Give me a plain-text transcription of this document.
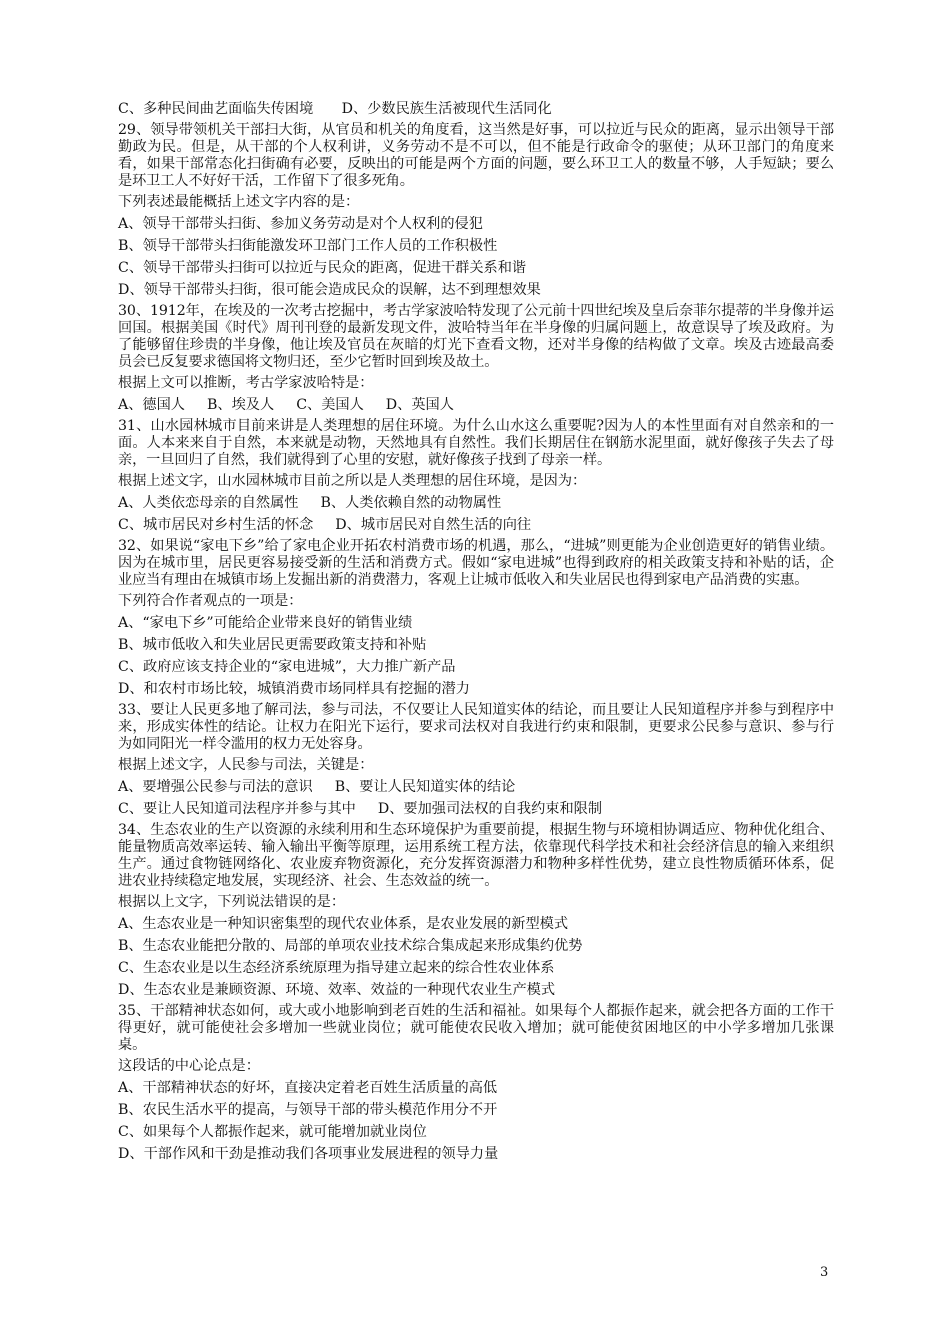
C、多种民间曲艺面临失传困境　　D、少数民族生活被现代生活同化

29、领导带领机关干部扫大街，从官员和机关的角度看，这当然是好事，可以拉近与民众的距离，显示出领导干部勤政为民。但是，从干部的个人权利讲，义务劳动不是不可以，但不能是行政命令的驱使；从环卫部门的角度来看，如果干部常态化扫街确有必要，反映出的可能是两个方面的问题，要么环卫工人的数量不够，人手短缺；要么是环卫工人不好好干活，工作留下了很多死角。

下列表述最能概括上述文字内容的是：
A、领导干部带头扫街、参加义务劳动是对个人权利的侵犯
B、领导干部带头扫街能激发环卫部门工作人员的工作积极性
C、领导干部带头扫街可以拉近与民众的距离，促进干群关系和谐
D、领导干部带头扫街，很可能会造成民众的误解，达不到理想效果

30、1912年，在埃及的一次考古挖掘中，考古学家波哈特发现了公元前十四世纪埃及皇后奈菲尔提蒂的半身像并运回国。根据美国《时代》周刊刊登的最新发现文件，波哈特当年在半身像的归属问题上，故意误导了埃及政府。为了能够留住珍贵的半身像，他让埃及官员在灰暗的灯光下查看文物，还对半身像的结构做了文章。埃及古迹最高委员会已反复要求德国将文物归还，至少它暂时回到埃及故土。

根据上文可以推断，考古学家波哈特是：
A、德国人 B、埃及人 C、美国人 D、英国人

31、山水园林城市目前来讲是人类理想的居住环境。为什么山水这么重要呢?因为人的本性里面有对自然亲和的一面。人本来来自于自然，本来就是动物，天然地具有自然性。我们长期居住在钢筋水泥里面，就好像孩子失去了母亲，一旦回归了自然，我们就得到了心里的安慰，就好像孩子找到了母亲一样。

根据上述文字，山水园林城市目前之所以是人类理想的居住环境，是因为：
A、人类依恋母亲的自然属性 B、人类依赖自然的动物属性
C、城市居民对乡村生活的怀念 D、城市居民对自然生活的向往

32、如果说“家电下乡”给了家电企业开拓农村消费市场的机遇，那么，“进城”则更能为企业创造更好的销售业绩。因为在城市里，居民更容易接受新的生活和消费方式。假如“家电进城”也得到政府的相关政策支持和补贴的话，企业应当有理由在城镇市场上发掘出新的消费潜力，客观上让城市低收入和失业居民也得到家电产品消费的实惠。

下列符合作者观点的一项是：
A、“家电下乡”可能给企业带来良好的销售业绩
B、城市低收入和失业居民更需要政策支持和补贴
C、政府应该支持企业的“家电进城”，大力推广新产品
D、和农村市场比较，城镇消费市场同样具有挖掘的潜力

33、要让人民更多地了解司法，参与司法，不仅要让人民知道实体的结论，而且要让人民知道程序并参与到程序中来，形成实体性的结论。让权力在阳光下运行，要求司法权对自我进行约束和限制，更要求公民参与意识、参与行为如同阳光一样令滥用的权力无处容身。

根据上述文字，人民参与司法，关键是：
A、要增强公民参与司法的意识 B、要让人民知道实体的结论
C、要让人民知道司法程序并参与其中 D、要加强司法权的自我约束和限制

34、生态农业的生产以资源的永续利用和生态环境保护为重要前提，根据生物与环境相协调适应、物种优化组合、能量物质高效率运转、输入输出平衡等原理，运用系统工程方法，依靠现代科学技术和社会经济信息的输入来组织生产。通过食物链网络化、农业废弃物资源化，充分发挥资源潜力和物种多样性优势，建立良性物质循环体系，促进农业持续稳定地发展，实现经济、社会、生态效益的统一。

根据以上文字，下列说法错误的是：
A、生态农业是一种知识密集型的现代农业体系，是农业发展的新型模式
B、生态农业能把分散的、局部的单项农业技术综合集成起来形成集约优势
C、生态农业是以生态经济系统原理为指导建立起来的综合性农业体系
D、生态农业是兼顾资源、环境、效率、效益的一种现代农业生产模式

35、干部精神状态如何，或大或小地影响到老百姓的生活和福祉。如果每个人都振作起来，就会把各方面的工作干得更好，就可能使社会多增加一些就业岗位；就可能使农民收入增加；就可能使贫困地区的中小学多增加几张课桌。

这段话的中心论点是：
A、干部精神状态的好坏，直接决定着老百姓生活质量的高低
B、农民生活水平的提高，与领导干部的带头模范作用分不开
C、如果每个人都振作起来，就可能增加就业岗位
D、干部作风和干劲是推动我们各项事业发展进程的领导力量
3
